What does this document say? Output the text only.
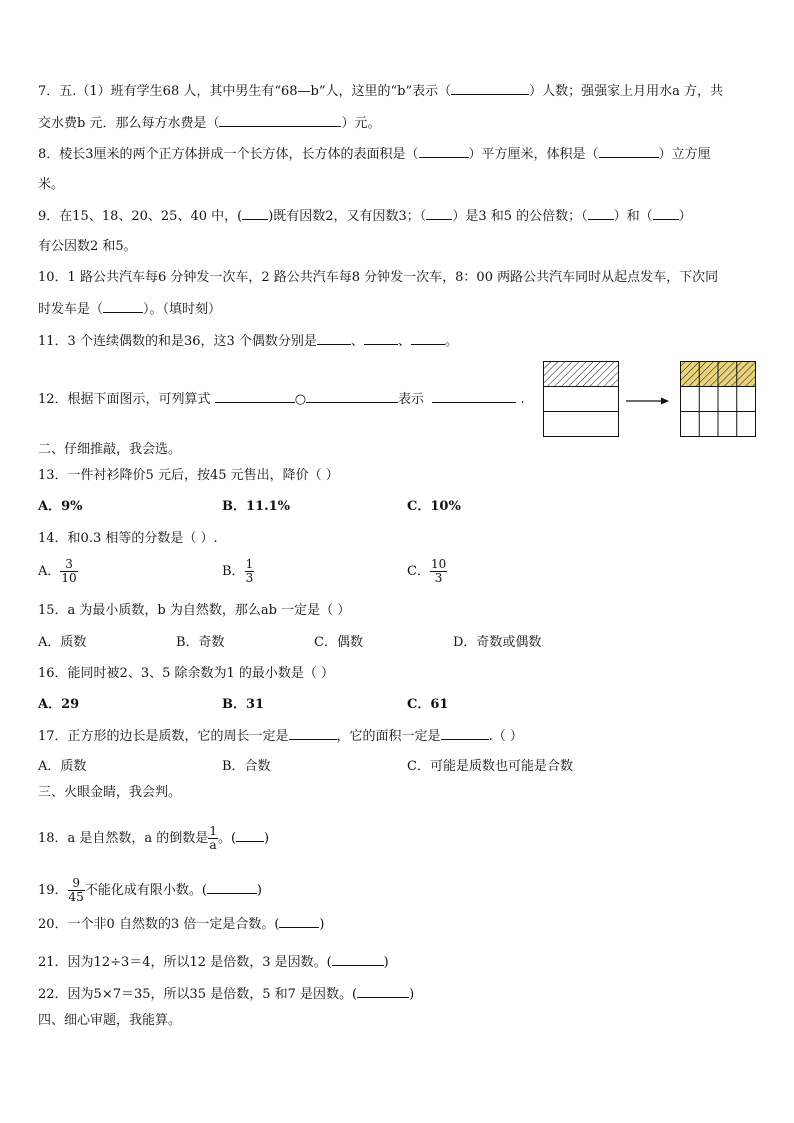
7．五.（1）班有学生68 人，其中男生有“68—b”人，这里的“b”表示（	）人数；强强家上月用水a 方，共
交水费b 元．那么每方水费是（	）元。
8．棱长3厘米的两个正方体拼成一个长方体，长方体的表面积是（	）平方厘米，体积是（	）立方厘
米。
9．在15、18、20、25、40 中，( )既有因数2，又有因数3；（ ）是3 和5 的公倍数；（ ）和（ ）
有公因数2 和5。
10．1 路公共汽车每6 分钟发一次车，2 路公共汽车每8 分钟发一次车，8：00 两路公共汽车同时从起点发车，下次同
时发车是（	）。（填时刻）
11．3 个连续偶数的和是36，这3 个偶数分别是	、	、	。
12．根据下面图示，可列算式	○	表示	.
二、仔细推敲，我会选。
13．一件衬衫降价5 元后，按45 元售出，降价（ ）
A．9%	B．11.1%	C．10%
14．和0.3 相等的分数是（ ）.
A． $\frac{3}{10}$	B． $\frac{1}{3}$	C． $\frac{10}{3}$
15．a 为最小质数，b 为自然数，那么ab 一定是（ ）
A．质数	B．奇数	C．偶数	D．奇数或偶数
16．能同时被2、3、5 除余数为1 的最小数是（ ）
A．29	B．31	C．61
17．正方形的边长是质数，它的周长一定是	，它的面积一定是	.（ ）
A．质数	B．合数	C．可能是质数也可能是合数
三、火眼金睛，我会判。
18．a 是自然数，a 的倒数是 $\frac{1}{a}$ 。( )
19． $\frac{9}{45}$ 不能化成有限小数。(	)
20．一个非0 自然数的3 倍一定是合数。(	)
21．因为12÷3＝4，所以12 是倍数，3 是因数。(	)
22．因为5×7＝35，所以35 是倍数，5 和7 是因数。(	)
四、细心审题，我能算。
